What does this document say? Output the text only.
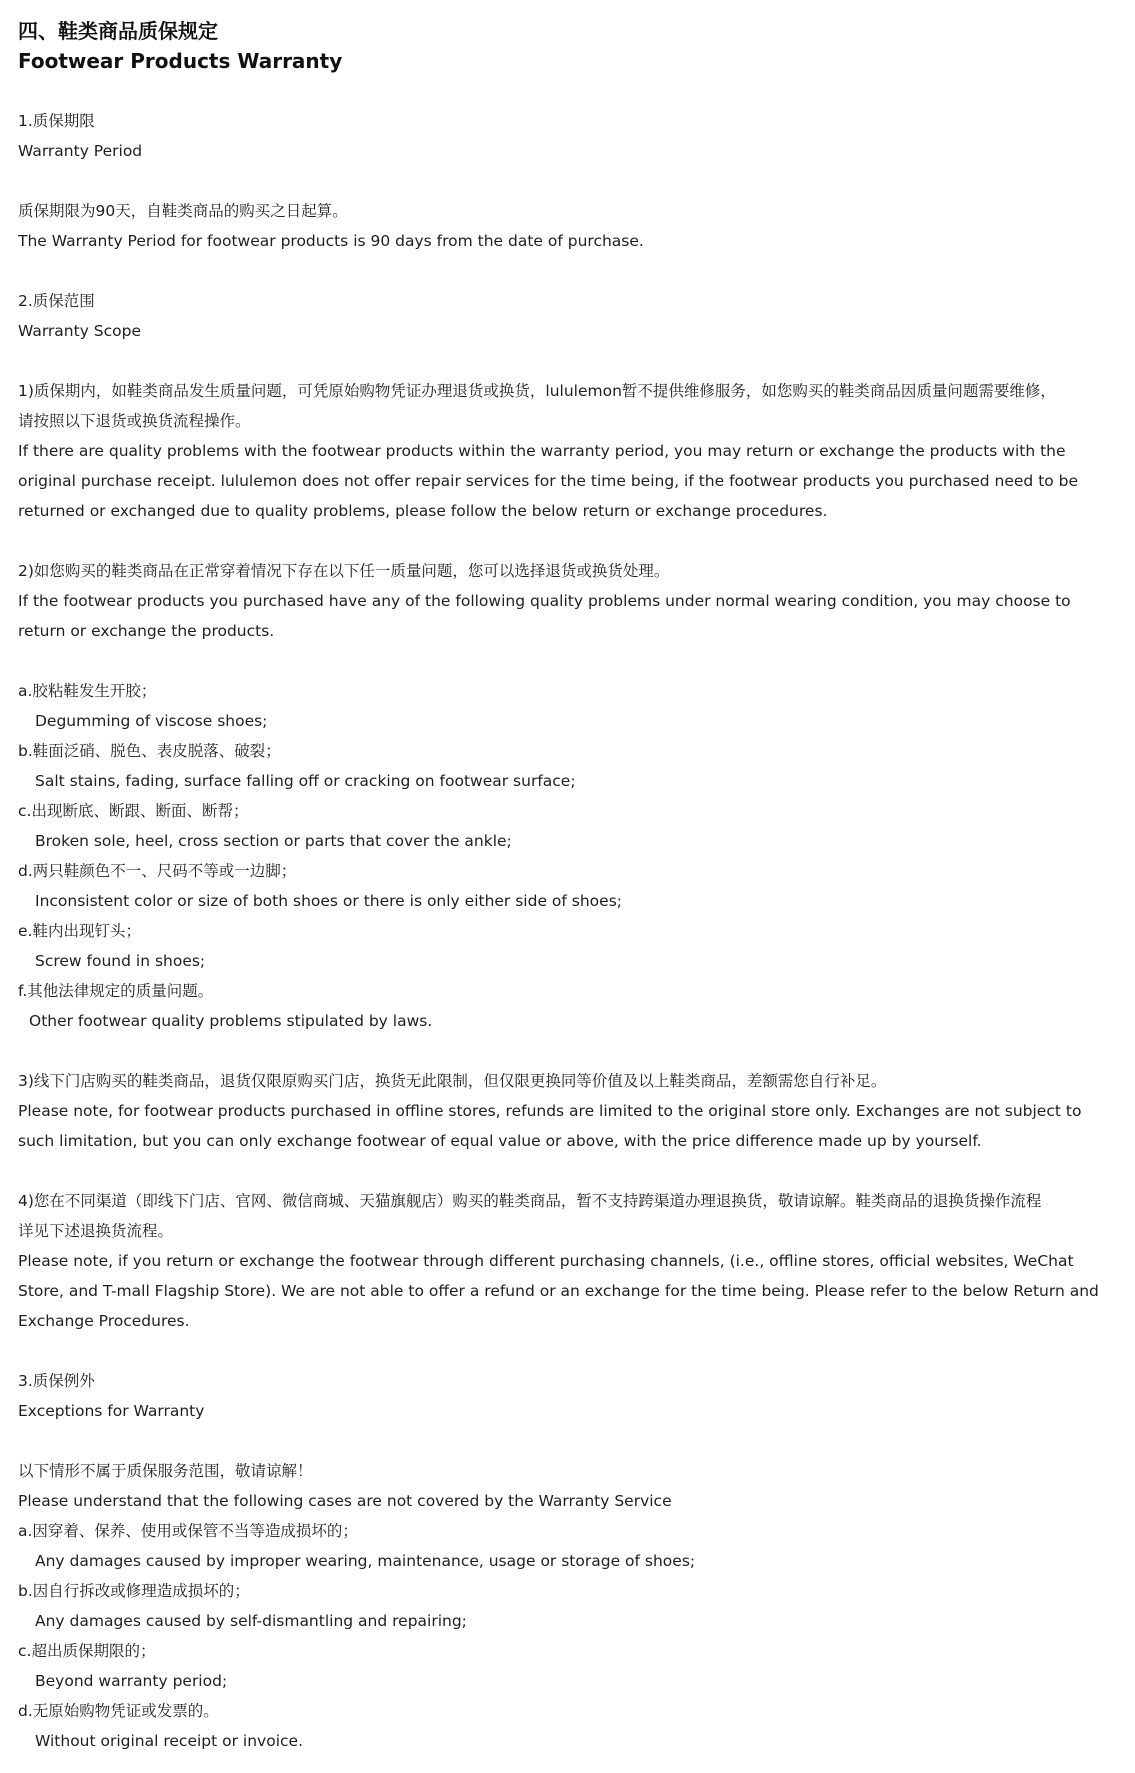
四、鞋类商品质保规定
Footwear Products Warranty

1.质保期限

Warranty Period

质保期限为90天，自鞋类商品的购买之日起算。

The Warranty Period for footwear products is 90 days from the date of purchase.

2.质保范围

Warranty Scope

1)质保期内，如鞋类商品发生质量问题，可凭原始购物凭证办理退货或换货，lululemon暂不提供维修服务，如您购买的鞋类商品因质量问题需要维修，

请按照以下退货或换货流程操作。

If there are quality problems with the footwear products within the warranty period, you may return or exchange the products with the

original purchase receipt. lululemon does not offer repair services for the time being, if the footwear products you purchased need to be

returned or exchanged due to quality problems, please follow the below return or exchange procedures.

2)如您购买的鞋类商品在正常穿着情况下存在以下任一质量问题，您可以选择退货或换货处理。

If the footwear products you purchased have any of the following quality problems under normal wearing condition, you may choose to

return or exchange the products.

a.胶粘鞋发生开胶；

Degumming of viscose shoes;

b.鞋面泛硝、脱色、表皮脱落、破裂；

Salt stains, fading, surface falling off or cracking on footwear surface;

c.出现断底、断跟、断面、断帮；

Broken sole, heel, cross section or parts that cover the ankle;

d.两只鞋颜色不一、尺码不等或一边脚；

Inconsistent color or size of both shoes or there is only either side of shoes;

e.鞋内出现钉头；

Screw found in shoes;

f.其他法律规定的质量问题。

Other footwear quality problems stipulated by laws.

3)线下门店购买的鞋类商品，退货仅限原购买门店，换货无此限制，但仅限更换同等价值及以上鞋类商品，差额需您自行补足。

Please note, for footwear products purchased in offline stores, refunds are limited to the original store only. Exchanges are not subject to

such limitation, but you can only exchange footwear of equal value or above, with the price difference made up by yourself.

4)您在不同渠道（即线下门店、官网、微信商城、天猫旗舰店）购买的鞋类商品，暂不支持跨渠道办理退换货，敬请谅解。鞋类商品的退换货操作流程

详见下述退换货流程。

Please note, if you return or exchange the footwear through different purchasing channels, (i.e., offline stores, official websites, WeChat

Store, and T-mall Flagship Store). We are not able to offer a refund or an exchange for the time being. Please refer to the below Return and

Exchange Procedures.

3.质保例外

Exceptions for Warranty

以下情形不属于质保服务范围，敬请谅解！

Please understand that the following cases are not covered by the Warranty Service

a.因穿着、保养、使用或保管不当等造成损坏的；

Any damages caused by improper wearing, maintenance, usage or storage of shoes;

b.因自行拆改或修理造成损坏的；

Any damages caused by self-dismantling and repairing;

c.超出质保期限的；

Beyond warranty period;

d.无原始购物凭证或发票的。

Without original receipt or invoice.
